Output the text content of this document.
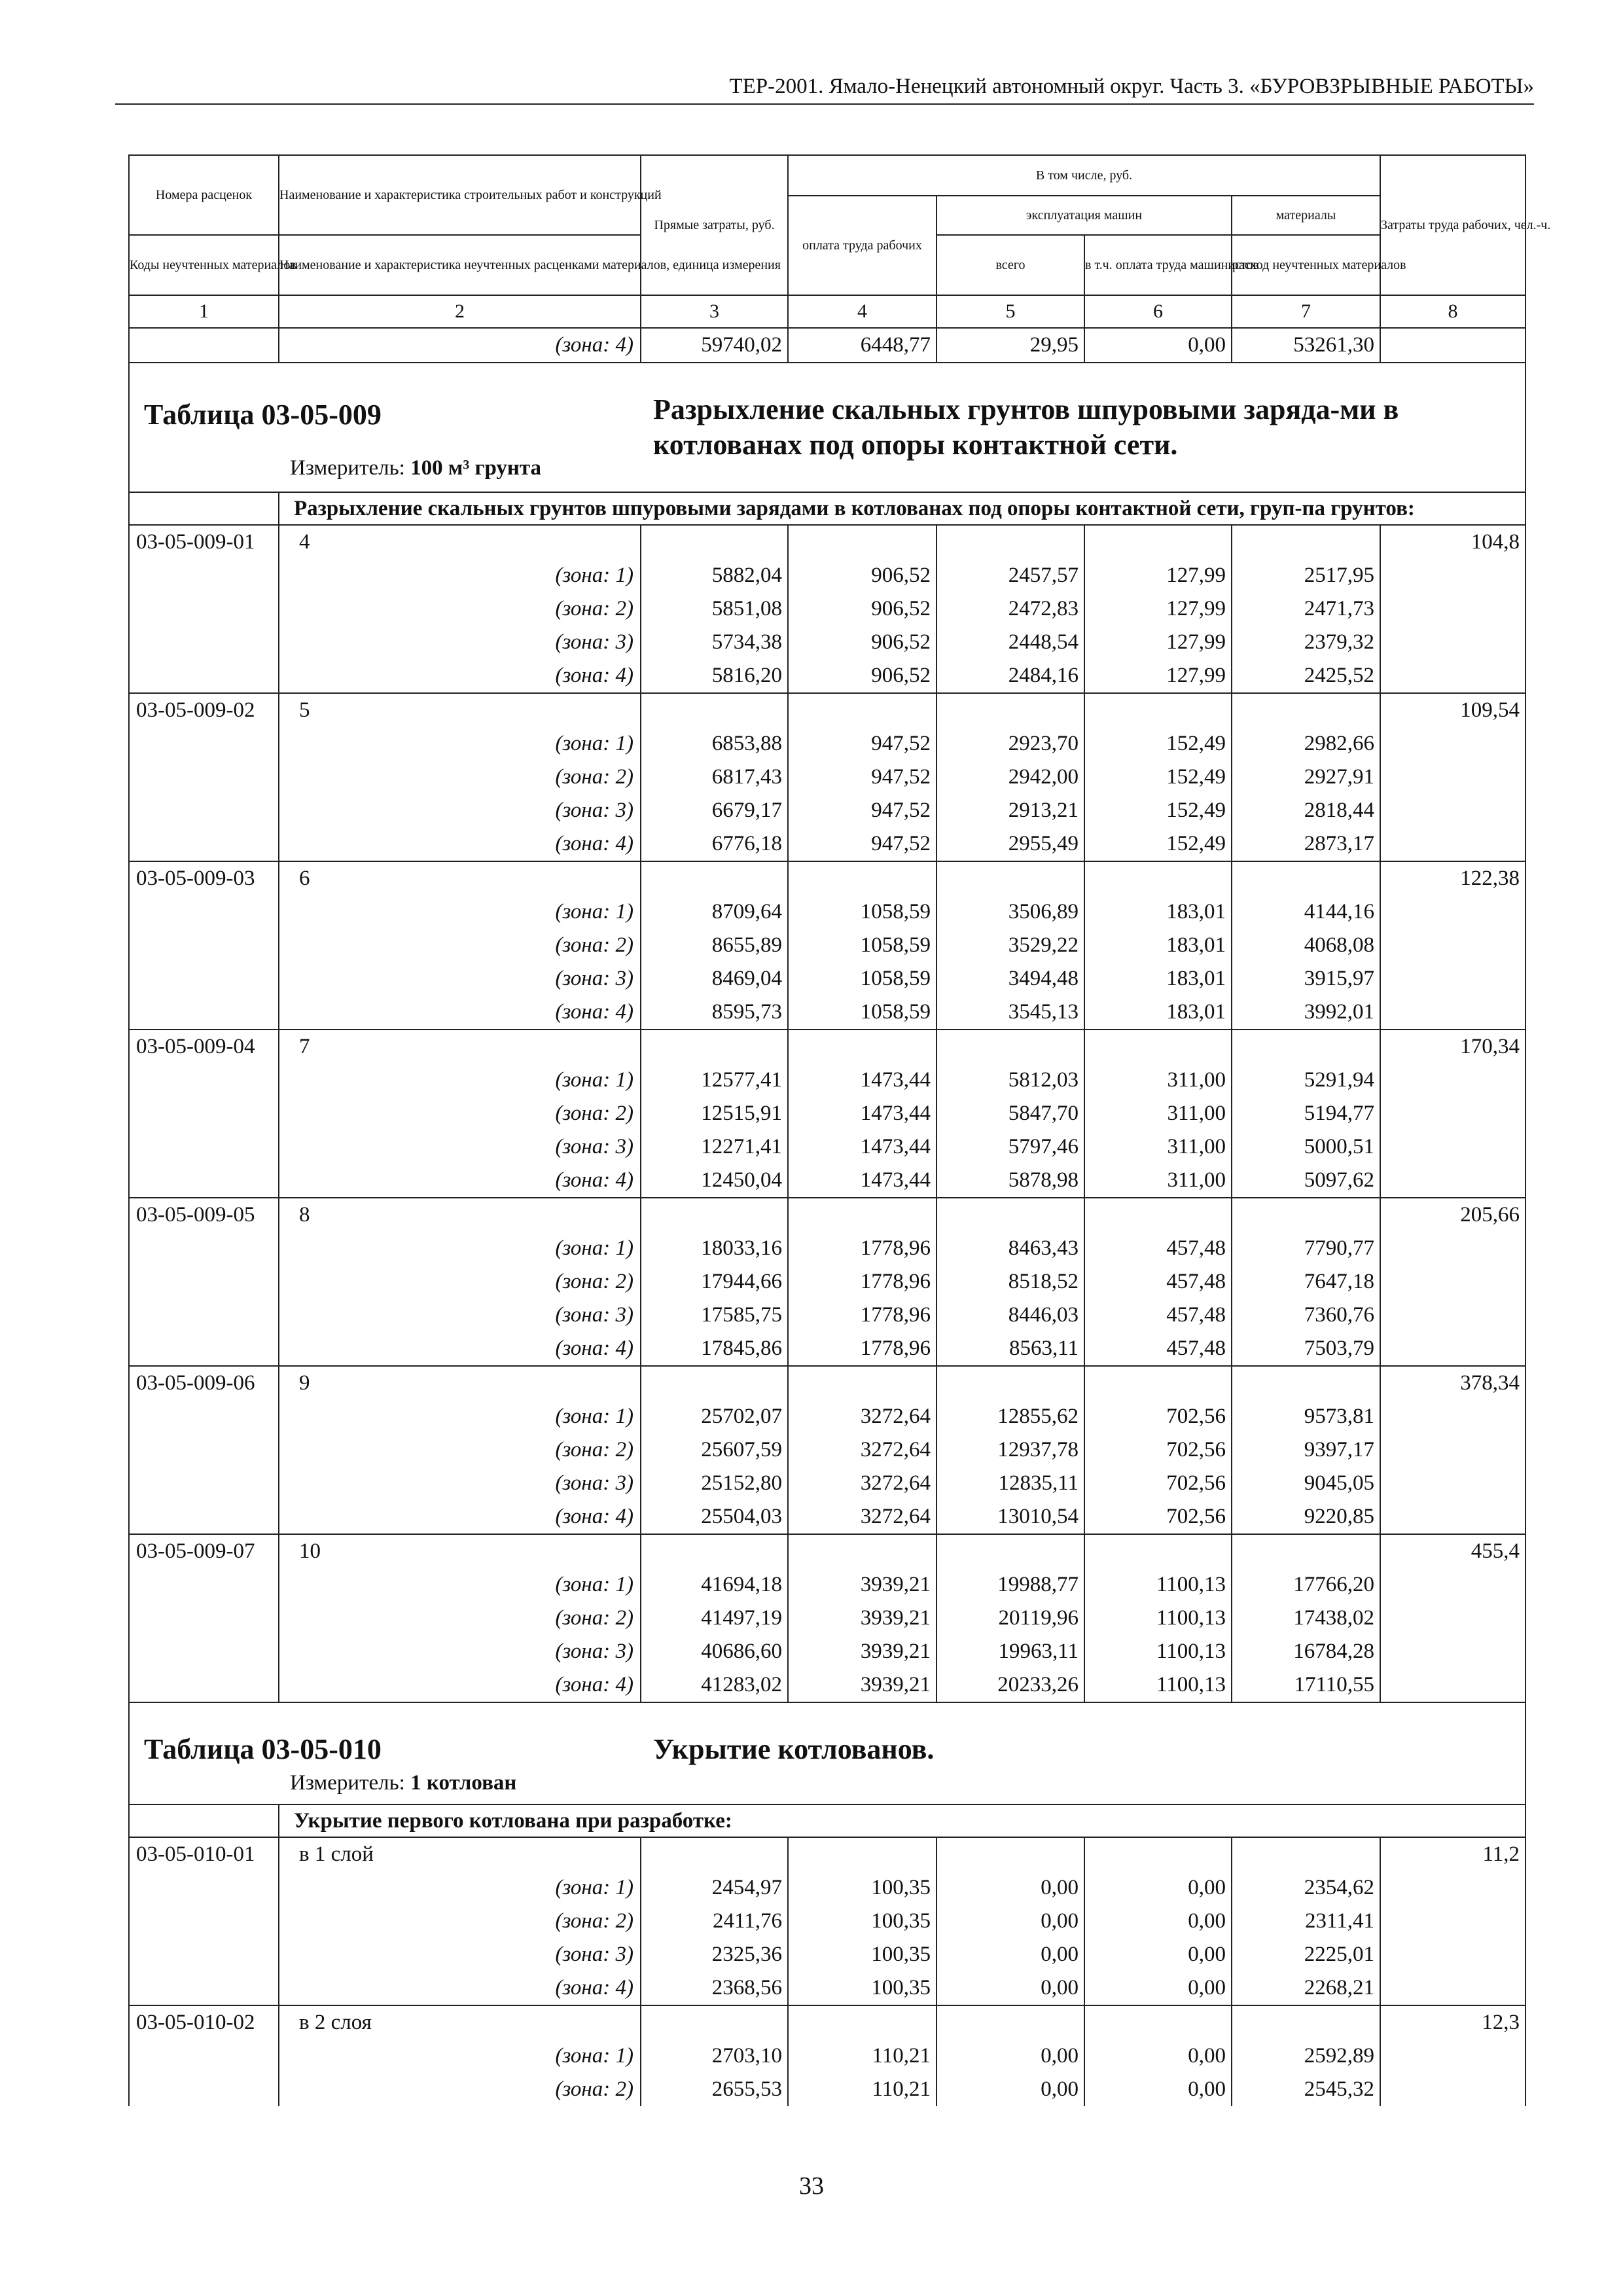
ТЕР-2001. Ямало-Ненецкий автономный округ. Часть 3. «БУРОВЗРЫВНЫЕ РАБОТЫ»
Номера расценок	Наименование и характеристика строительных работ и конструкций	Прямые затраты, руб.	В том числе, руб.				Затраты труда рабочих, чел.-ч.
			оплата труда рабочих	эксплуатация машин		материалы	
Коды неучтенных материалов	Наименование и характеристика неучтенных расценками материалов, единица измерения			всего	в т.ч. оплата труда машинистов	расход неучтенных материалов	
1	2	3	4	5	6	7	8
	(зона: 4)	59740,02	6448,77	29,95	0,00	53261,30	

Таблица 03-05-009 Разрыхление скальных грунтов шпуровыми заряда-ми в котлованах под опоры контактной сети.
Измеритель: 100 м³ грунта							

	Разрыхление скальных грунтов шпуровыми зарядами в котлованах под опоры контактной сети, груп-па грунтов:						
03-05-009-01	4						104,8
	(зона: 1)	5882,04	906,52	2457,57	127,99	2517,95	
	(зона: 2)	5851,08	906,52	2472,83	127,99	2471,73	
	(зона: 3)	5734,38	906,52	2448,54	127,99	2379,32	
	(зона: 4)	5816,20	906,52	2484,16	127,99	2425,52	
03-05-009-02	5						109,54
	(зона: 1)	6853,88	947,52	2923,70	152,49	2982,66	
	(зона: 2)	6817,43	947,52	2942,00	152,49	2927,91	
	(зона: 3)	6679,17	947,52	2913,21	152,49	2818,44	
	(зона: 4)	6776,18	947,52	2955,49	152,49	2873,17	
03-05-009-03	6						122,38
	(зона: 1)	8709,64	1058,59	3506,89	183,01	4144,16	
	(зона: 2)	8655,89	1058,59	3529,22	183,01	4068,08	
	(зона: 3)	8469,04	1058,59	3494,48	183,01	3915,97	
	(зона: 4)	8595,73	1058,59	3545,13	183,01	3992,01	
03-05-009-04	7						170,34
	(зона: 1)	12577,41	1473,44	5812,03	311,00	5291,94	
	(зона: 2)	12515,91	1473,44	5847,70	311,00	5194,77	
	(зона: 3)	12271,41	1473,44	5797,46	311,00	5000,51	
	(зона: 4)	12450,04	1473,44	5878,98	311,00	5097,62	
03-05-009-05	8						205,66
	(зона: 1)	18033,16	1778,96	8463,43	457,48	7790,77	
	(зона: 2)	17944,66	1778,96	8518,52	457,48	7647,18	
	(зона: 3)	17585,75	1778,96	8446,03	457,48	7360,76	
	(зона: 4)	17845,86	1778,96	8563,11	457,48	7503,79	
03-05-009-06	9						378,34
	(зона: 1)	25702,07	3272,64	12855,62	702,56	9573,81	
	(зона: 2)	25607,59	3272,64	12937,78	702,56	9397,17	
	(зона: 3)	25152,80	3272,64	12835,11	702,56	9045,05	
	(зона: 4)	25504,03	3272,64	13010,54	702,56	9220,85	
03-05-009-07	10						455,4
	(зона: 1)	41694,18	3939,21	19988,77	1100,13	17766,20	
	(зона: 2)	41497,19	3939,21	20119,96	1100,13	17438,02	
	(зона: 3)	40686,60	3939,21	19963,11	1100,13	16784,28	
	(зона: 4)	41283,02	3939,21	20233,26	1100,13	17110,55	

Таблица 03-05-010 Укрытие котлованов.
Измеритель: 1 котлован							

	Укрытие первого котлована при разработке:						
03-05-010-01	в 1 слой						11,2
	(зона: 1)	2454,97	100,35	0,00	0,00	2354,62	
	(зона: 2)	2411,76	100,35	0,00	0,00	2311,41	
	(зона: 3)	2325,36	100,35	0,00	0,00	2225,01	
	(зона: 4)	2368,56	100,35	0,00	0,00	2268,21	
03-05-010-02	в 2 слоя						12,3
	(зона: 1)	2703,10	110,21	0,00	0,00	2592,89	
	(зона: 2)	2655,53	110,21	0,00	0,00	2545,32	
33
